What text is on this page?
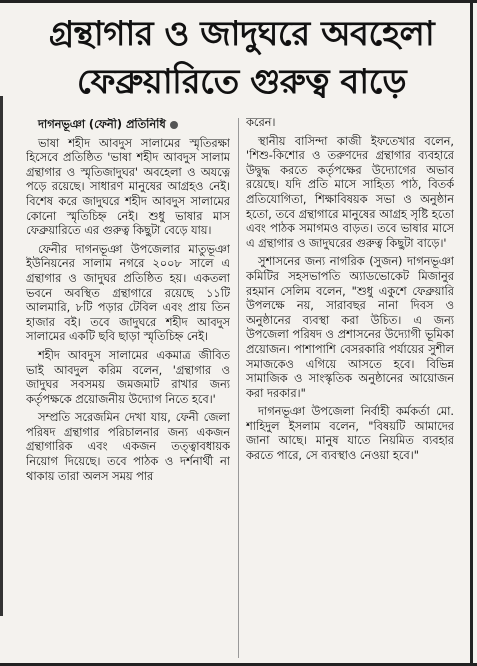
গ্রন্থাগার ও জাদুঘরে অবহেলা
ফেব্রুয়ারিতে গুরুত্ব বাড়ে

দাগনভূঞা (ফেনী) প্রতিনিধি

ভাষা শহীদ আবদুস সালামের স্মৃতিরক্ষা হিসেবে প্রতিষ্ঠিত 'ভাষা শহীদ আবদুস সালাম গ্রন্থাগার ও স্মৃতিজাদুঘর' অবহেলা ও অযত্নে পড়ে রয়েছে। সাধারণ মানুষের আগ্রহও নেই। বিশেষ করে জাদুঘরে শহীদ আবদুস সালামের কোনো স্মৃতিচিহ্ন নেই। শুধু ভাষার মাস ফেব্রুয়ারিতে এর গুরুত্ব কিছুটা বেড়ে যায়।

ফেনীর দাগনভূঞা উপজেলার মাতুভূঞা ইউনিয়নের সালাম নগরে ২০০৮ সালে এ গ্রন্থাগার ও জাদুঘর প্রতিষ্ঠিত হয়। একতলা ভবনে অবস্থিত গ্রন্থাগারে রয়েছে ১১টি আলমারি, ৮টি পড়ার টেবিল এবং প্রায় তিন হাজার বই। তবে জাদুঘরে শহীদ আবদুস সালামের একটি ছবি ছাড়া স্মৃতিচিহ্ন নেই।

শহীদ আবদুস সালামের একমাত্র জীবিত ভাই আবদুল করিম বলেন, 'গ্রন্থাগার ও জাদুঘর সবসময় জমজমাট রাখার জন্য কর্তৃপক্ষকে প্রয়োজনীয় উদ্যোগ নিতে হবে।'

সম্প্রতি সরেজমিন দেখা যায়, ফেনী জেলা পরিষদ গ্রন্থাগার পরিচালনার জন্য একজন গ্রন্থাগারিক এবং একজন তত্ত্বাবধায়ক নিয়োগ দিয়েছে। তবে পাঠক ও দর্শনার্থী না থাকায় তারা অলস সময় পার

করেন।

স্থানীয় বাসিন্দা কাজী ইফতেখার বলেন, 'শিশু-কিশোর ও তরুণদের গ্রন্থাগার ব্যবহারে উদ্বুদ্ধ করতে কর্তৃপক্ষের উদ্যোগের অভাব রয়েছে। যদি প্রতি মাসে সাহিত্য পাঠ, বিতর্ক প্রতিযোগিতা, শিক্ষাবিষয়ক সভা ও অনুষ্ঠান হতো, তবে গ্রন্থাগারে মানুষের আগ্রহ সৃষ্টি হতো এবং পাঠক সমাগমও বাড়ত। তবে ভাষার মাসে এ গ্রন্থাগার ও জাদুঘরের গুরুত্ব কিছুটা বাড়ে।'

সুশাসনের জন্য নাগরিক (সুজন) দাগনভূঞা কমিটির সহসভাপতি অ্যাডভোকেট মিজানুর রহমান সেলিম বলেন, "শুধু একুশে ফেব্রুয়ারি উপলক্ষে নয়, সারাবছর নানা দিবস ও অনুষ্ঠানের ব্যবস্থা করা উচিত। এ জন্য উপজেলা পরিষদ ও প্রশাসনের উদ্যোগী ভূমিকা প্রয়োজন। পাশাপাশি বেসরকারি পর্যায়ের সুশীল সমাজকেও এগিয়ে আসতে হবে। বিভিন্ন সামাজিক ও সাংস্কৃতিক অনুষ্ঠানের আয়োজন করা দরকার।"

দাগনভূঞা উপজেলা নির্বাহী কর্মকর্তা মো. শাহিদুল ইসলাম বলেন, "বিষয়টি আমাদের জানা আছে। মানুষ যাতে নিয়মিত ব্যবহার করতে পারে, সে ব্যবস্থাও নেওয়া হবে।"
